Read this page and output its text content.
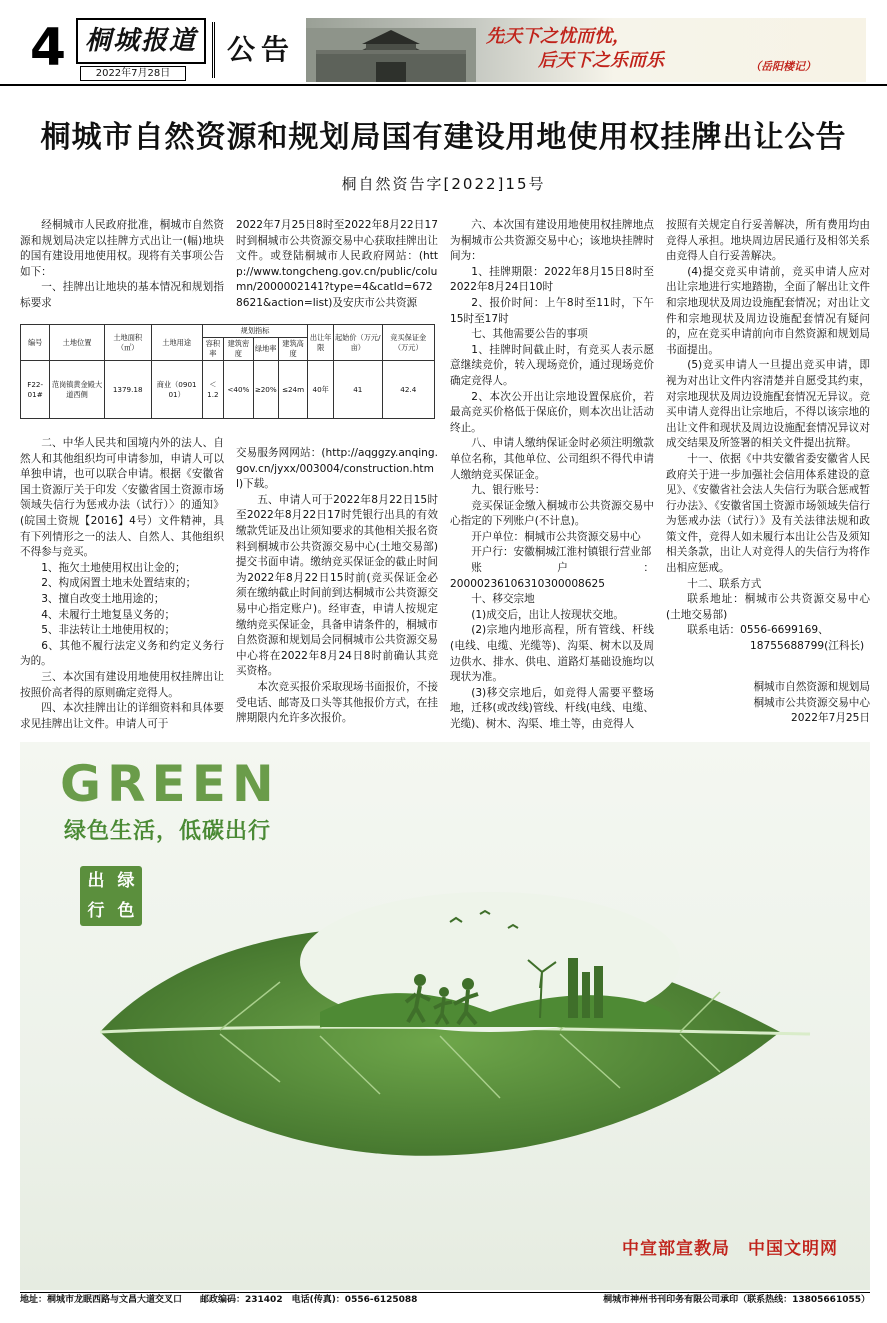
4 桐城报道
2022年7月28日
公告	先天下之忧而忧，
后天下之乐而乐	（岳阳楼记）
桐城市自然资源和规划局国有建设用地使用权挂牌出让公告
桐自然资告字[2022]15号

经桐城市人民政府批准，桐城市自然资源和规划局决定以挂牌方式出让一(幅)地块的国有建设用地使用权。现将有关事项公告如下：

一、挂牌出让地块的基本情况和规划指标要求

编号	土地位置	土地面积（㎡）	土地用途	规划指标				出让年限	起始价（万元/亩）	竞买保证金（万元）
				容积率	建筑密度	绿地率	建筑高度			
F22-01#	范岗镇黄金殿大道西侧	1379.18	商业（0901 01）	＜1.2	<40%	≥20%	≤24m	40年	41	42.4

二、中华人民共和国境内外的法人、自然人和其他组织均可申请参加，申请人可以单独申请，也可以联合申请。根据《安徽省国土资源厅关于印发〈安徽省国土资源市场领域失信行为惩戒办法（试行）〉的通知》(皖国土资规【2016】4号）文件精神，具有下列情形之一的法人、自然人、其他组织不得参与竞买。

1、拖欠土地使用权出让金的；

2、构成闲置土地未处置结束的；

3、擅自改变土地用途的；

4、未履行土地复垦义务的；

5、非法转让土地使用权的；

6、其他不履行法定义务和约定义务行为的。

三、本次国有建设用地使用权挂牌出让按照价高者得的原则确定竞得人。

四、本次挂牌出让的详细资料和具体要求见挂牌出让文件。申请人可于

2022年7月25日8时至2022年8月22日17时到桐城市公共资源交易中心获取挂牌出让文件。或登陆桐城市人民政府网站：(http://www.tongcheng.gov.cn/public/column/2000002141?type=4&catId=6728621&action=list)及安庆市公共资源

交易服务网网站：(http://aqggzy.anqing.gov.cn/jyxx/003004/construction.html)下载。

五、申请人可于2022年8月22日15时至2022年8月22日17时凭银行出具的有效缴款凭证及出让须知要求的其他相关报名资料到桐城市公共资源交易中心(土地交易部)提交书面申请。缴纳竞买保证金的截止时间为2022年8月22日15时前(竞买保证金必须在缴纳截止时间前到达桐城市公共资源交易中心指定账户)。经审查，申请人按规定缴纳竞买保证金，具备申请条件的，桐城市自然资源和规划局会同桐城市公共资源交易中心将在2022年8月24日8时前确认其竞买资格。

本次竞买报价采取现场书面报价，不接受电话、邮寄及口头等其他报价方式，在挂牌期限内允许多次报价。

六、本次国有建设用地使用权挂牌地点为桐城市公共资源交易中心；该地块挂牌时间为：

1、挂牌期限：2022年8月15日8时至2022年8月24日10时

2、报价时间：上午8时至11时，下午15时至17时

七、其他需要公告的事项

1、挂牌时间截止时，有竞买人表示愿意继续竞价，转入现场竞价，通过现场竞价确定竞得人。

2、本次公开出让宗地设置保底价，若最高竞买价格低于保底价，则本次出让活动终止。

八、申请人缴纳保证金时必须注明缴款单位名称，其他单位、公司组织不得代申请人缴纳竞买保证金。

九、银行账号：

竞买保证金缴入桐城市公共资源交易中心指定的下列账户(不计息)。

开户单位：桐城市公共资源交易中心

开户行：安徽桐城江淮村镇银行营业部

账户：20000236106310300008625

十、移交宗地

(1)成交后，出让人按现状交地。

(2)宗地内地形高程，所有管线、杆线(电线、电缆、光缆等)、沟渠、树木以及周边供水、排水、供电、道路灯基础设施均以现状为准。

(3)移交宗地后，如竞得人需要平整场地，迁移(或改线)管线、杆线(电线、电缆、光缆)、树木、沟渠、堆土等，由竞得人

按照有关规定自行妥善解决，所有费用均由竞得人承担。地块周边居民通行及相邻关系由竞得人自行妥善解决。

(4)提交竞买申请前，竞买申请人应对出让宗地进行实地踏勘，全面了解出让文件和宗地现状及周边设施配套情况；对出让文件和宗地现状及周边设施配套情况有疑问的，应在竞买申请前向市自然资源和规划局书面提出。

(5)竞买申请人一旦提出竞买申请，即视为对出让文件内容清楚并自愿受其约束，对宗地现状及周边设施配套情况无异议。竞买申请人竞得出让宗地后，不得以该宗地的出让文件和现状及周边设施配套情况异议对成交结果及所签署的相关文件提出抗辩。

十一、依据《中共安徽省委安徽省人民政府关于进一步加强社会信用体系建设的意见》、《安徽省社会法人失信行为联合惩戒暂行办法》、《安徽省国土资源市场领域失信行为惩戒办法（试行）》及有关法律法规和政策文件，竞得人如未履行本出让公告及须知相关条款，出让人对竞得人的失信行为将作出相应惩戒。

十二、联系方式

联系地址：桐城市公共资源交易中心(土地交易部)

联系电话：0556-6699169、

18755688799(江科长)

桐城市自然资源和规划局
桐城市公共资源交易中心
2022年7月25日
GREEN
绿色生活，低碳出行
出 绿行 色
中宣部宣教局　中国文明网
地址：桐城市龙眠西路与文昌大道交叉口　　邮政编码：231402　电话(传真)：0556-6125088	桐城市神州书刊印务有限公司承印（联系热线：13805661055）
